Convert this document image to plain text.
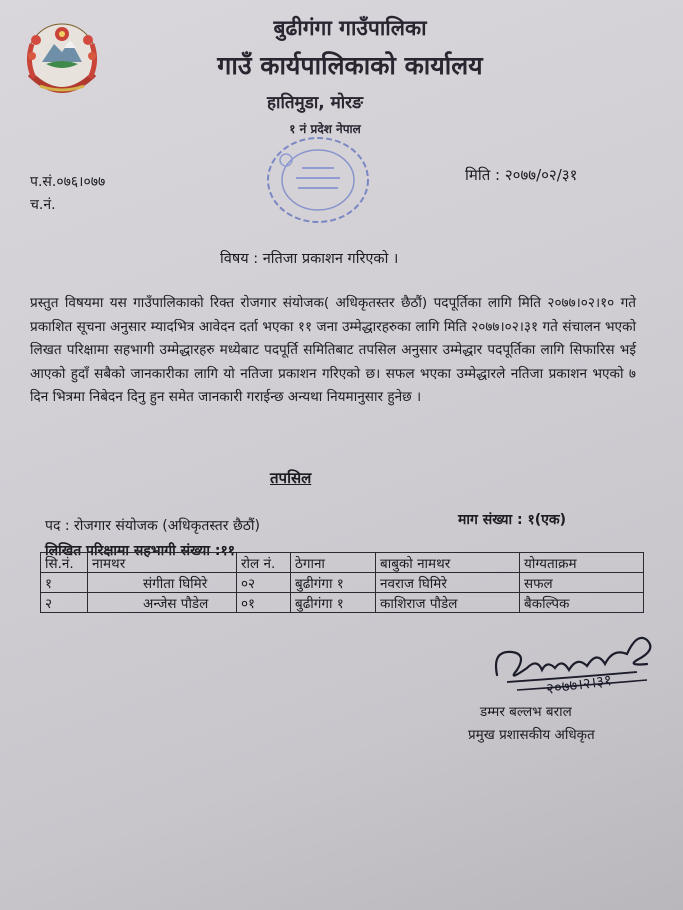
बुढीगंगा गाउँपालिका
गाउँ कार्यपालिकाको कार्यालय
हातिमुडा, मोरङ
१ नं प्रदेश नेपाल
प.सं.०७६।०७७
च.नं.
मिति : २०७७/०२/३१
विषय : नतिजा प्रकाशन गरिएको ।
प्रस्तुत विषयमा यस गाउँपालिकाको रिक्त रोजगार संयोजक( अधिकृतस्तर छैठौं) पदपूर्तिका लागि मिति २०७७।०२।१० गते प्रकाशित सूचना अनुसार म्यादभित्र आवेदन दर्ता भएका ११ जना उम्मेद्धारहरुका लागि मिति २०७७।०२।३१ गते संचालन भएको लिखत परिक्षामा सहभागी उम्मेद्धारहरु मध्येबाट पदपूर्ति समितिबाट तपसिल अनुसार उम्मेद्धार पदपूर्तिका लागि सिफारिस भई आएको हुदाँ सबैको जानकारीका लागि यो नतिजा प्रकाशन गरिएको छ। सफल भएका उम्मेद्धारले नतिजा प्रकाशन भएको ७ दिन भित्रमा निबेदन दिनु हुन समेत जानकारी गराईन्छ अन्यथा नियमानुसार हुनेछ ।
तपसिल
पद : रोजगार संयोजक (अधिकृतस्तर छैठौं)	माग संख्या : १(एक)
लिखित परिक्षामा सहभागी संख्या :११
सि.नं.	नामथर	रोल नं.	ठेगाना	बाबुको नामथर	योग्यताक्रम
१	संगीता घिमिरे	०२	बुढीगंगा १	नवराज घिमिरे	सफल
२	अन्जेस पौडेल	०१	बुढीगंगा १	काशिराज पौडेल	बैकल्पिक
२०७७।२।३१
डम्मर बल्लभ बराल
प्रमुख प्रशासकीय अधिकृत
